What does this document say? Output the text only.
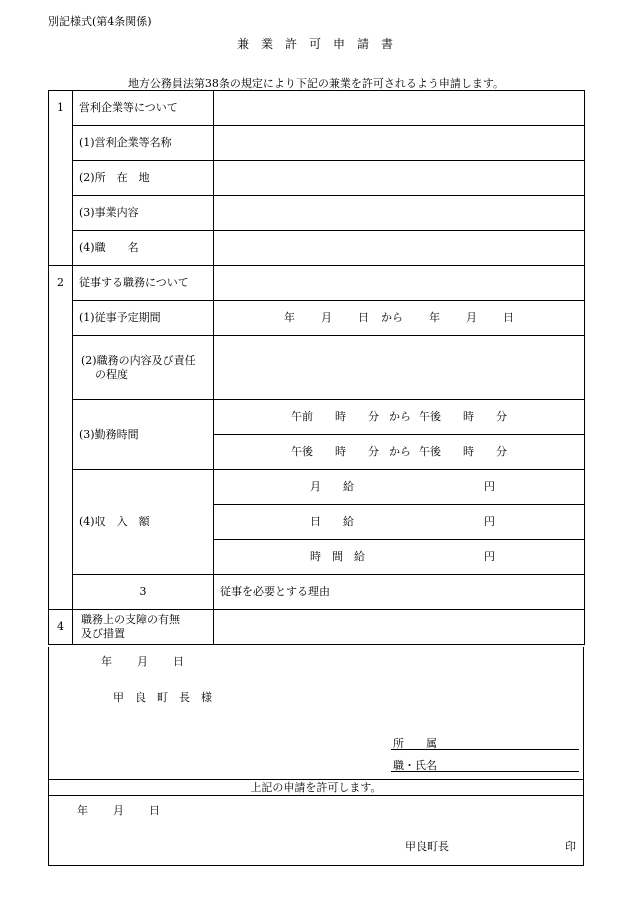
別記様式(第4条関係)
兼業許可申請書
地方公務員法第38条の規定により下記の兼業を許可されるよう申請します。
1	営利企業等について		
	(1)営利企業等名称		
	(2)所　在　地		
	(3)事業内容		
	(4)職　　名		
2	従事する職務について		
	(1)従事予定期間	年 月 日 から 年 月 日	

	(2)職務の内容及び責任
の程度		

	(3)勤務時間	午前 時 分 から 午後 時 分	
		午後 時 分 から 午後 時 分	
	(4)収　入　額	月　　給 円	

		日　　給 円	

		時　間　給 円	

	3	従事を必要とする理由	
4	職務上の支障の有無
及び措置		

年 月 日
甲　良　町　長　様
所　　属
職・氏名
上記の申請を許可します。
年 月 日
甲良町長	印
